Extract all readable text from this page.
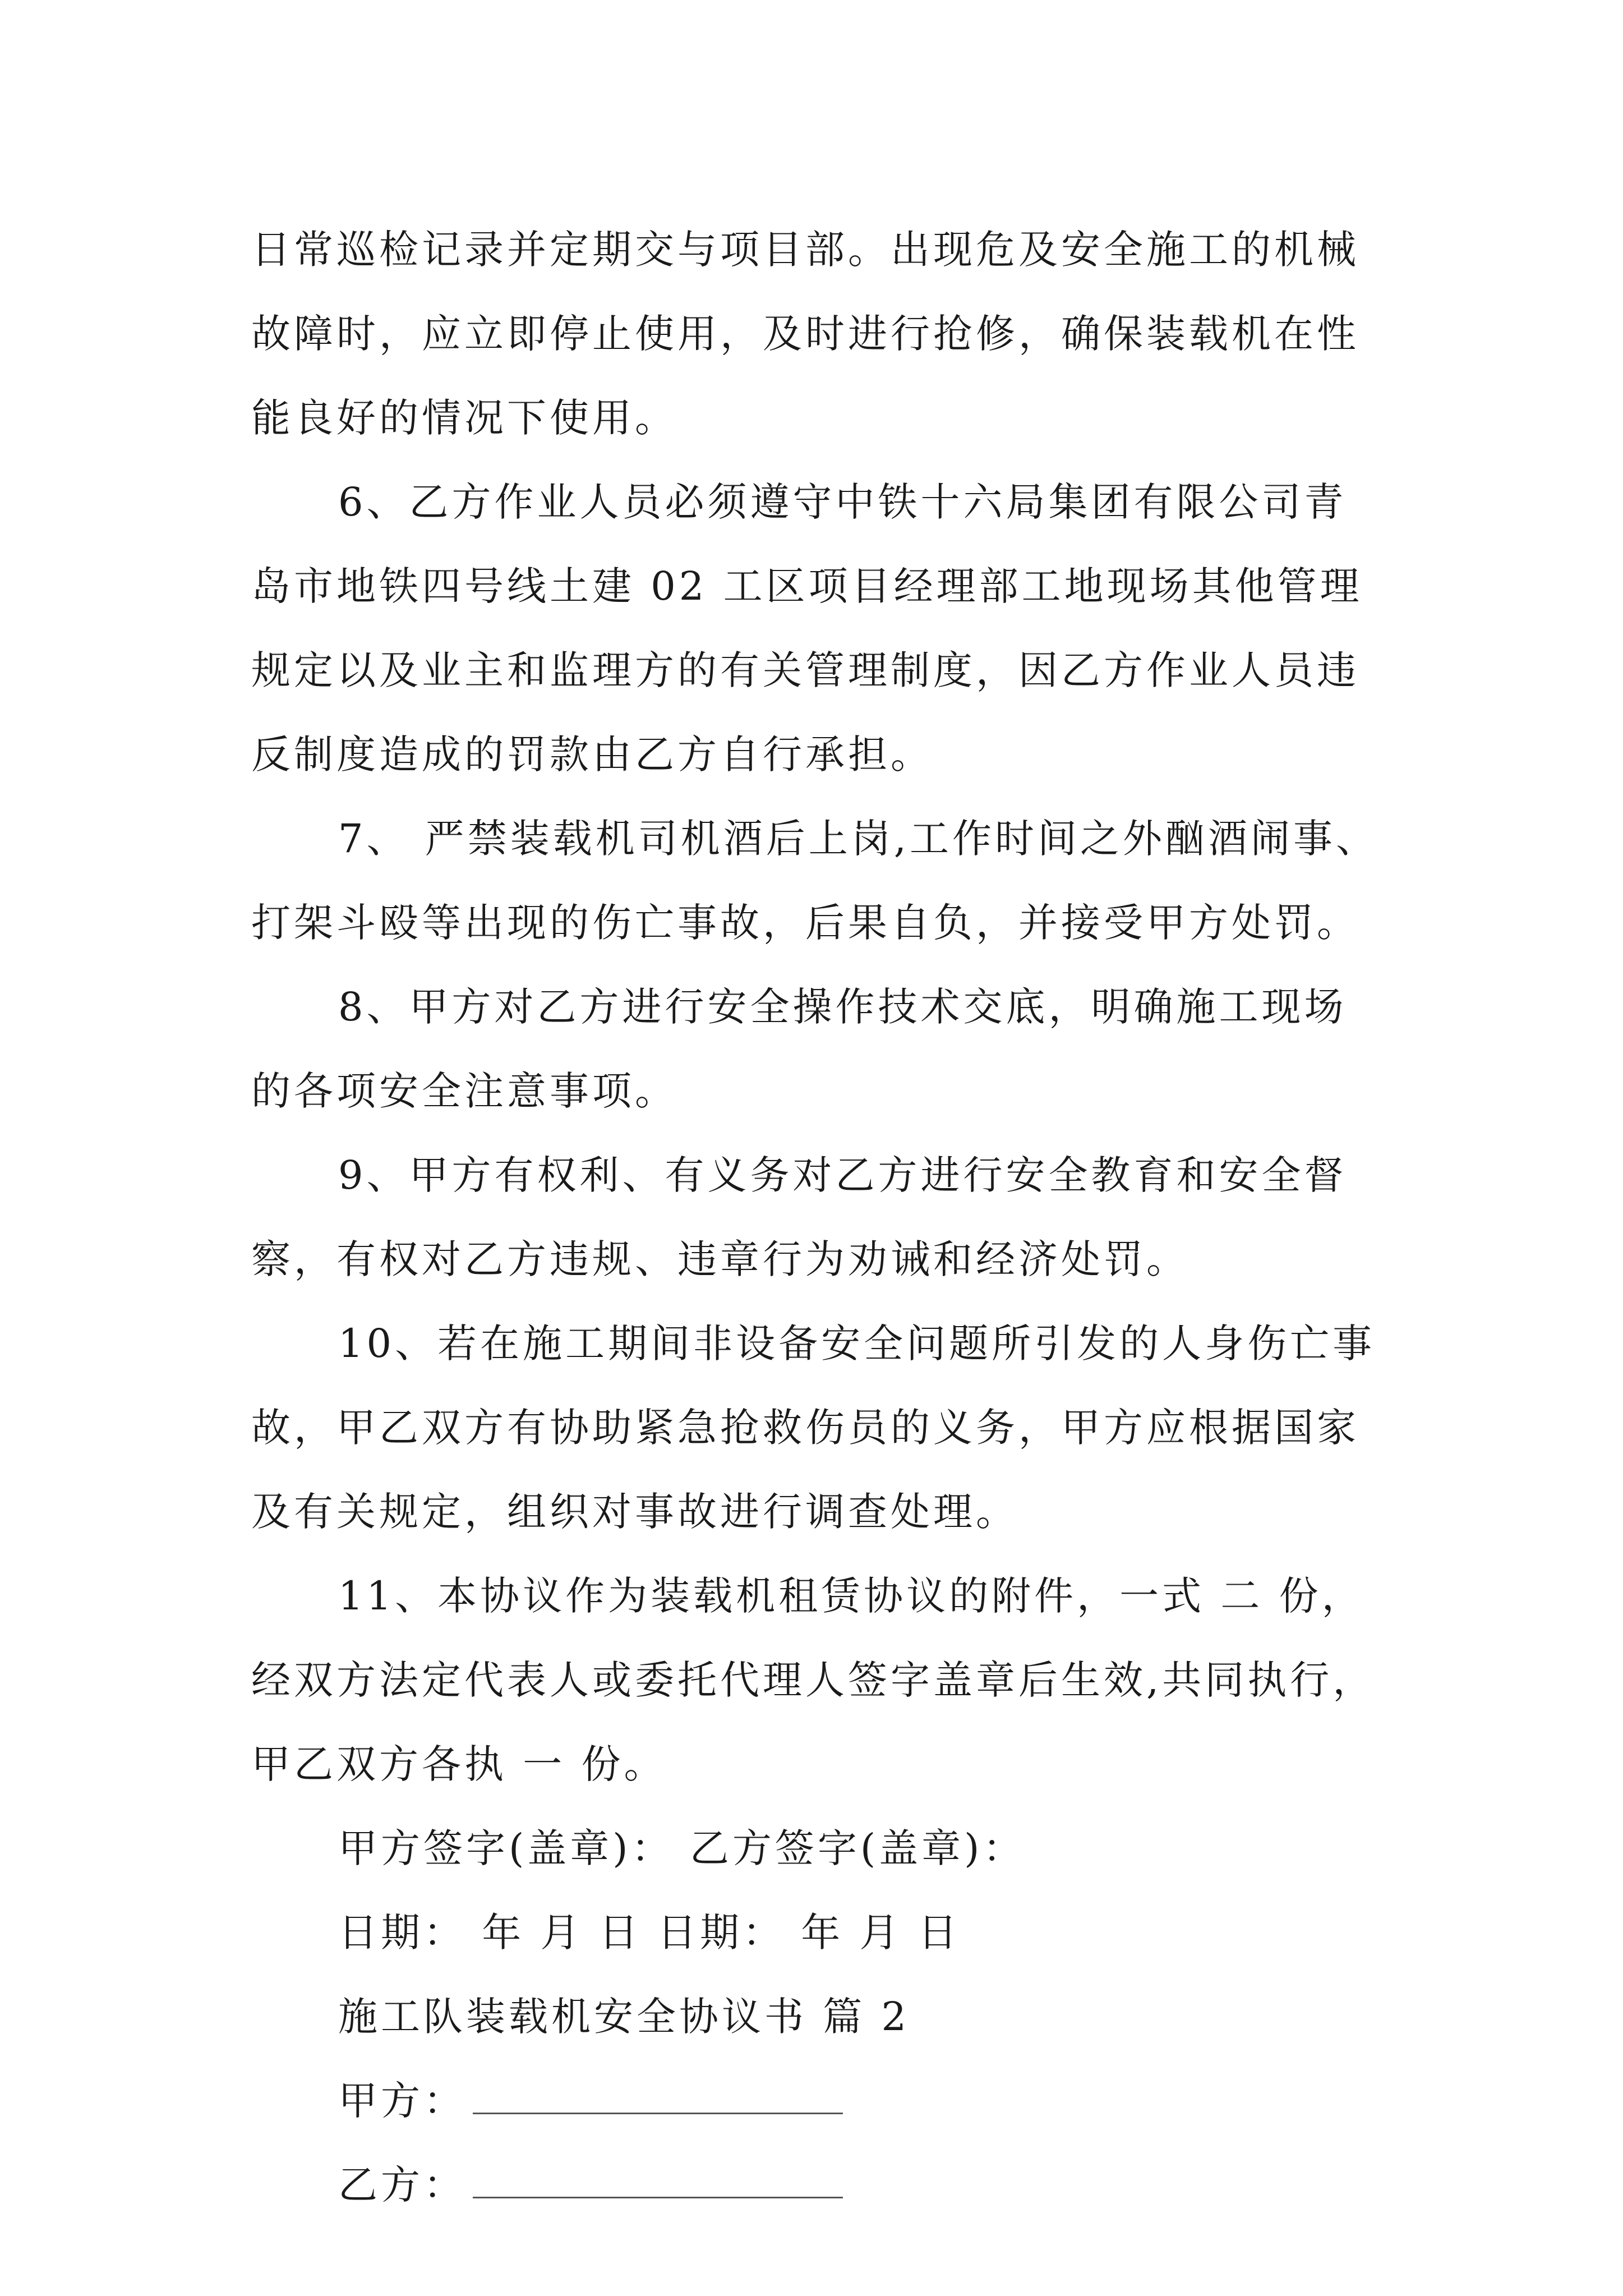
日常巡检记录并定期交与项目部。出现危及安全施工的机械
故障时，应立即停止使用，及时进行抢修，确保装载机在性
能良好的情况下使用。
6、乙方作业人员必须遵守中铁十六局集团有限公司青
岛市地铁四号线土建 02 工区项目经理部工地现场其他管理
规定以及业主和监理方的有关管理制度，因乙方作业人员违
反制度造成的罚款由乙方自行承担。
7、 严禁装载机司机酒后上岗,工作时间之外酗酒闹事、
打架斗殴等出现的伤亡事故，后果自负，并接受甲方处罚。
8、甲方对乙方进行安全操作技术交底，明确施工现场
的各项安全注意事项。
9、甲方有权利、有义务对乙方进行安全教育和安全督
察，有权对乙方违规、违章行为劝诫和经济处罚。
10、若在施工期间非设备安全问题所引发的人身伤亡事
故，甲乙双方有协助紧急抢救伤员的义务，甲方应根据国家
及有关规定，组织对事故进行调查处理。
11、本协议作为装载机租赁协议的附件，一式 二 份，
经双方法定代表人或委托代理人签字盖章后生效,共同执行，
甲乙双方各执 一 份。
甲方签字(盖章)： 乙方签字(盖章)：
日期： 年 月 日 日期： 年 月 日
施工队装载机安全协议书 篇 2
甲方：
乙方：
